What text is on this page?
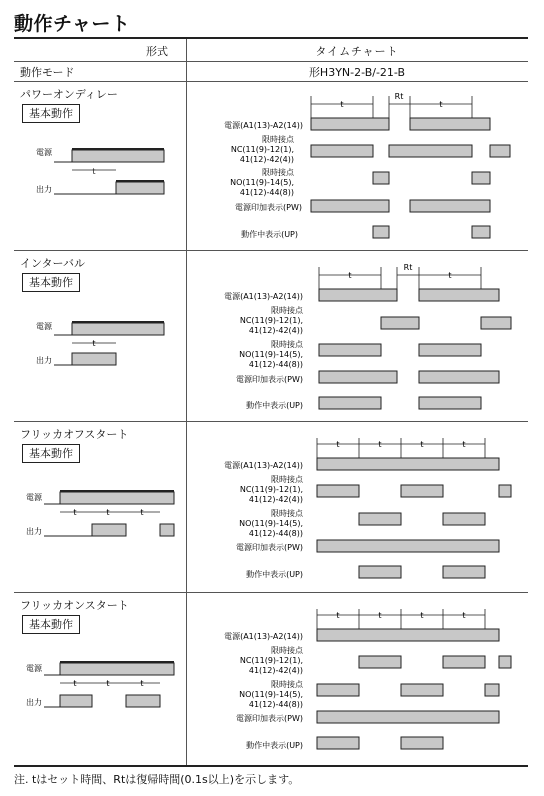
動作チャート
形式	タイムチャート
動作モード	形H3YN-2-B/-21-B
パワーオンディレー
基本動作
電源
t
出力
電源(A1(13)-A2(14))
限時接点
NC(11(9)-12(1),
41(12)-42(4))
限時接点
NO(11(9)-14(5),
41(12)-44(8))
電源印加表示(PW)
動作中表示(UP)
t
Rt
t
インターバル
基本動作
電源
t
出力
電源(A1(13)-A2(14))
限時接点
NC(11(9)-12(1),
41(12)-42(4))
限時接点
NO(11(9)-14(5),
41(12)-44(8))
電源印加表示(PW)
動作中表示(UP)
t
Rt
t
フリッカオフスタート
基本動作
電源
t	t	t
出力
電源(A1(13)-A2(14))
限時接点
NC(11(9)-12(1),
41(12)-42(4))
限時接点
NO(11(9)-14(5),
41(12)-44(8))
電源印加表示(PW)
動作中表示(UP)
t	t	t	t
フリッカオンスタート
基本動作
電源
t	t	t
出力
電源(A1(13)-A2(14))
限時接点
NC(11(9)-12(1),
41(12)-42(4))
限時接点
NO(11(9)-14(5),
41(12)-44(8))
電源印加表示(PW)
動作中表示(UP)
t	t	t	t
注. tはセット時間、Rtは復帰時間(0.1s以上)を示します。
